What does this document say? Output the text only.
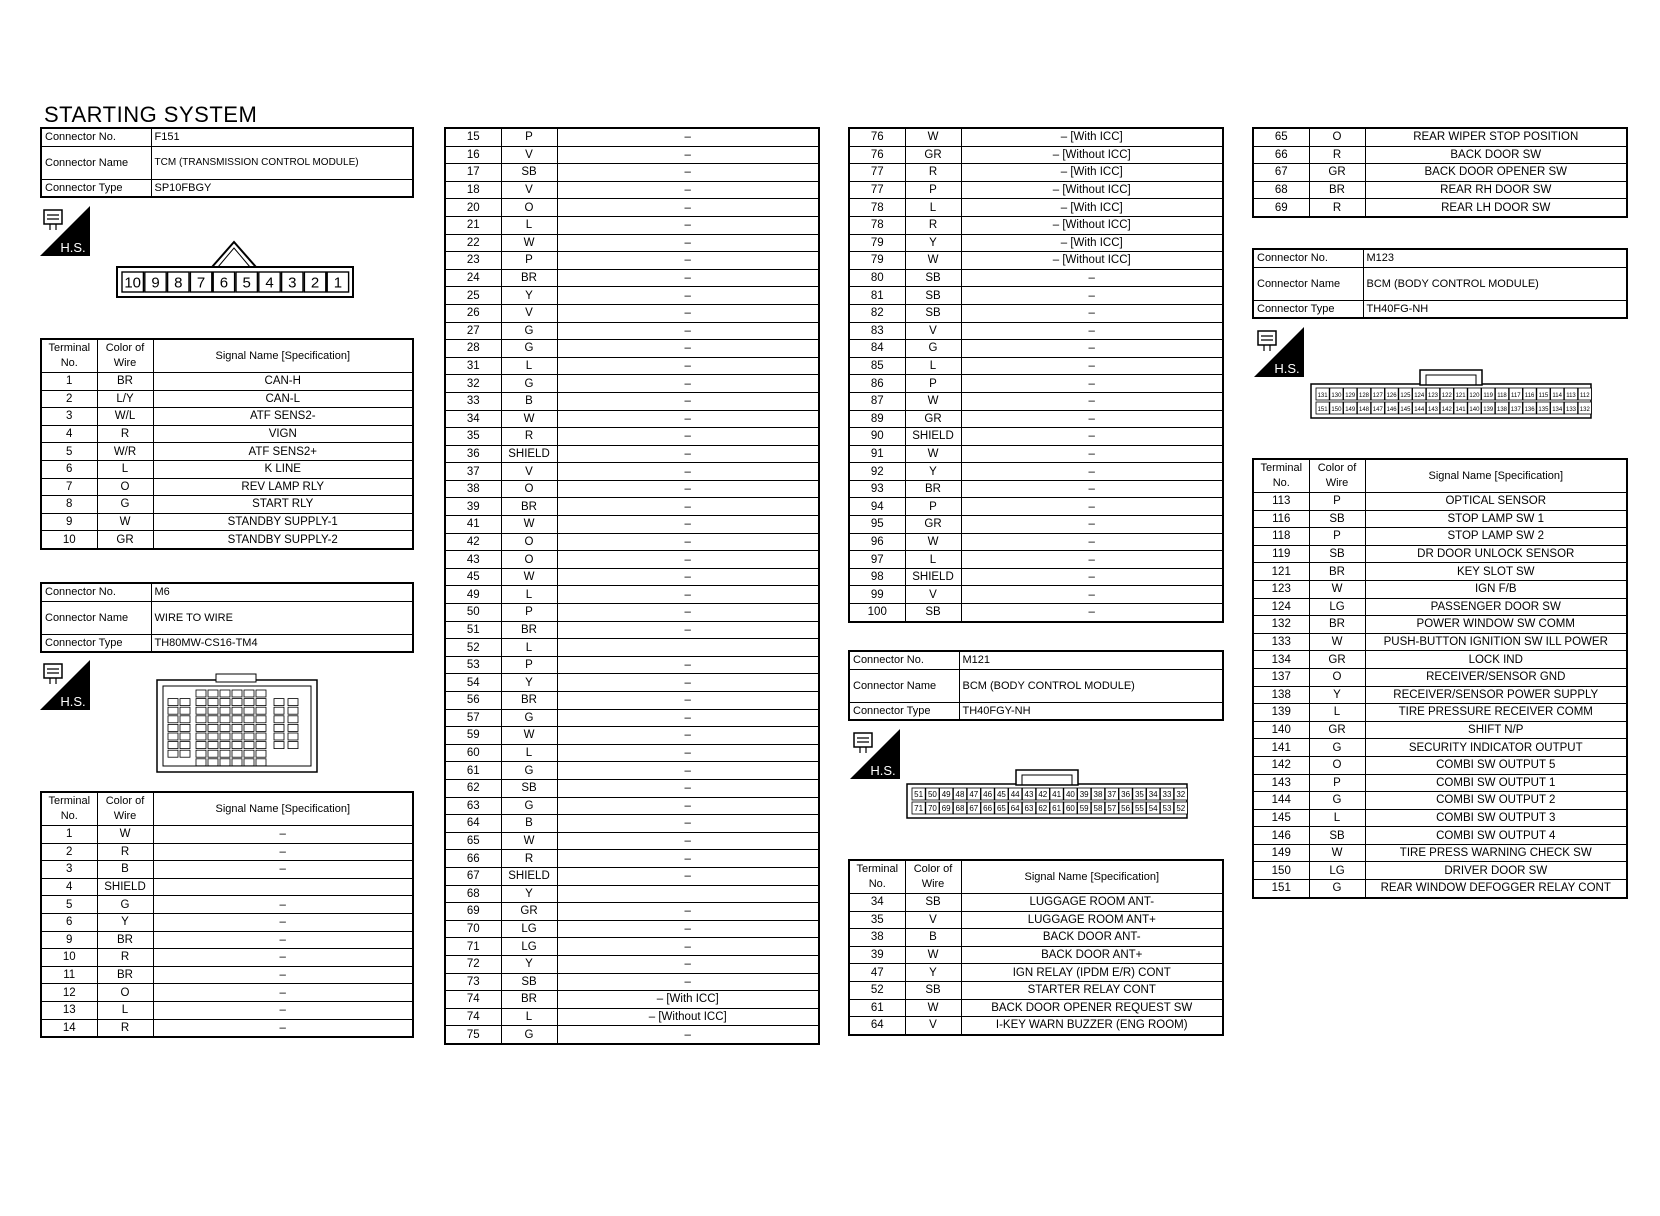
STARTING SYSTEM
Connector No.	F151
Connector Name	TCM (TRANSMISSION CONTROL MODULE)
Connector Type	SP10FBGY
H.S.
10 9 8 7 6 5 4 3 2 1
Terminal No.	Color of Wire	Signal Name [Specification]
1	BR	CAN-H
2	L/Y	CAN-L
3	W/L	ATF SENS2-
4	R	VIGN
5	W/R	ATF SENS2+
6	L	K LINE
7	O	REV LAMP RLY
8	G	START RLY
9	W	STANDBY SUPPLY-1
10	GR	STANDBY SUPPLY-2
Connector No.	M6
Connector Name	WIRE TO WIRE
Connector Type	TH80MW-CS16-TM4
H.S.
Terminal No.	Color of Wire	Signal Name [Specification]
1	W	–
2	R	–
3	B	–
4	SHIELD	
5	G	–
6	Y	–
9	BR	–
10	R	–
11	BR	–
12	O	–
13	L	–
14	R	–
15	P	–
16	V	–
17	SB	–
18	V	–
20	O	–
21	L	–
22	W	–
23	P	–
24	BR	–
25	Y	–
26	V	–
27	G	–
28	G	–
31	L	–
32	G	–
33	B	–
34	W	–
35	R	–
36	SHIELD	–
37	V	–
38	O	–
39	BR	–
41	W	–
42	O	–
43	O	–
45	W	–
49	L	–
50	P	–
51	BR	–
52	L	
53	P	–
54	Y	–
56	BR	–
57	G	–
59	W	–
60	L	–
61	G	–
62	SB	–
63	G	–
64	B	–
65	W	–
66	R	–
67	SHIELD	–
68	Y	
69	GR	–
70	LG	–
71	LG	–
72	Y	–
73	SB	–
74	BR	– [With ICC]
74	L	– [Without ICC]
75	G	–
76	W	– [With ICC]
76	GR	– [Without ICC]
77	R	– [With ICC]
77	P	– [Without ICC]
78	L	– [With ICC]
78	R	– [Without ICC]
79	Y	– [With ICC]
79	W	– [Without ICC]
80	SB	–
81	SB	–
82	SB	–
83	V	–
84	G	–
85	L	–
86	P	–
87	W	–
89	GR	–
90	SHIELD	–
91	W	–
92	Y	–
93	BR	–
94	P	–
95	GR	–
96	W	–
97	L	–
98	SHIELD	–
99	V	–
100	SB	–
Connector No.	M121
Connector Name	BCM (BODY CONTROL MODULE)
Connector Type	TH40FGY-NH
H.S.
51 50 49 48 47 46 45 44 43 42 41 40 39 38 37 36 35 34 33 32
71 70 69 68 67 66 65 64 63 62 61 60 59 58 57 56 55 54 53 52
Terminal No.	Color of Wire	Signal Name [Specification]
34	SB	LUGGAGE ROOM ANT-
35	V	LUGGAGE ROOM ANT+
38	B	BACK DOOR ANT-
39	W	BACK DOOR ANT+
47	Y	IGN RELAY (IPDM E/R) CONT
52	SB	STARTER RELAY CONT
61	W	BACK DOOR OPENER REQUEST SW
64	V	I-KEY WARN BUZZER (ENG ROOM)
65	O	REAR WIPER STOP POSITION
66	R	BACK DOOR SW
67	GR	BACK DOOR OPENER SW
68	BR	REAR RH DOOR SW
69	R	REAR LH DOOR SW
Connector No.	M123
Connector Name	BCM (BODY CONTROL MODULE)
Connector Type	TH40FG-NH
H.S.
131 130 129 128 127 126 125 124 123 122 121 120 119 118 117 116 115 114 113 112
151 150 149 148 147 146 145 144 143 142 141 140 139 138 137 136 135 134 133 132
Terminal No.	Color of Wire	Signal Name [Specification]
113	P	OPTICAL SENSOR
116	SB	STOP LAMP SW 1
118	P	STOP LAMP SW 2
119	SB	DR DOOR UNLOCK SENSOR
121	BR	KEY SLOT SW
123	W	IGN F/B
124	LG	PASSENGER DOOR SW
132	BR	POWER WINDOW SW COMM
133	W	PUSH-BUTTON IGNITION SW ILL POWER
134	GR	LOCK IND
137	O	RECEIVER/SENSOR GND
138	Y	RECEIVER/SENSOR POWER SUPPLY
139	L	TIRE PRESSURE RECEIVER COMM
140	GR	SHIFT N/P
141	G	SECURITY INDICATOR OUTPUT
142	O	COMBI SW OUTPUT 5
143	P	COMBI SW OUTPUT 1
144	G	COMBI SW OUTPUT 2
145	L	COMBI SW OUTPUT 3
146	SB	COMBI SW OUTPUT 4
149	W	TIRE PRESS WARNING CHECK SW
150	LG	DRIVER DOOR SW
151	G	REAR WINDOW DEFOGGER RELAY CONT
